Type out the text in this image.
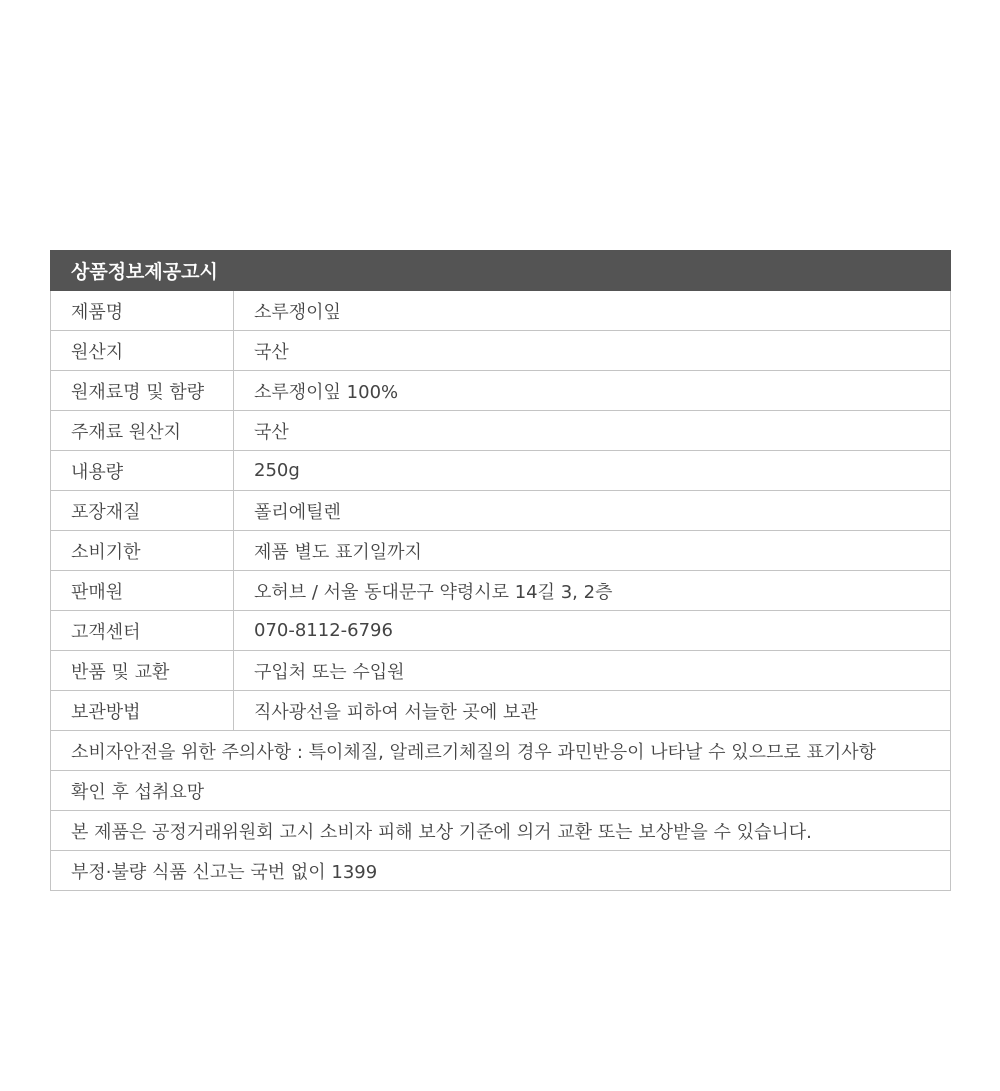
상품정보제공고시	
제품명	소루쟁이잎
원산지	국산
원재료명 및 함량	소루쟁이잎 100%
주재료 원산지	국산
내용량	250g
포장재질	폴리에틸렌
소비기한	제품 별도 표기일까지
판매원	오허브 / 서울 동대문구 약령시로 14길 3, 2층
고객센터	070-8112-6796
반품 및 교환	구입처 또는 수입원
보관방법	직사광선을 피하여 서늘한 곳에 보관
소비자안전을 위한 주의사항 : 특이체질, 알레르기체질의 경우 과민반응이 나타날 수 있으므로 표기사항	
확인 후 섭취요망	
본 제품은 공정거래위원회 고시 소비자 피해 보상 기준에 의거 교환 또는 보상받을 수 있습니다.	
부정·불량 식품 신고는 국번 없이 1399	
